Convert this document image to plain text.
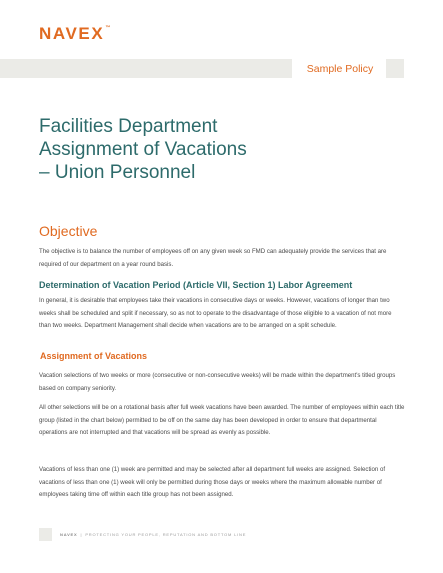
NAVEX ™
Sample Policy
Facilities Department
Assignment of Vacations
– Union Personnel
Objective

The objective is to balance the number of employees off on any given week so FMD can adequately provide the services that are required of our department on a year round basis.

Determination of Vacation Period (Article VII, Section 1) Labor Agreement

In general, it is desirable that employees take their vacations in consecutive days or weeks. However, vacations of longer than two weeks shall be scheduled and split if necessary, so as not to operate to the disadvantage of those eligible to a vacation of not more than two weeks. Department Management shall decide when vacations are to be arranged on a split schedule.

Assignment of Vacations

Vacation selections of two weeks or more (consecutive or non-consecutive weeks) will be made within the department's titled groups based on company seniority.

All other selections will be on a rotational basis after full week vacations have been awarded. The number of employees within each title group (listed in the chart below) permitted to be off on the same day has been developed in order to ensure that departmental operations are not interrupted and that vacations will be spread as evenly as possible.

Vacations of less than one (1) week are permitted and may be selected after all department full weeks are assigned. Selection of vacations of less than one (1) week will only be permitted during those days or weeks where the maximum allowable number of employees taking time off within each title group has not been assigned.

NAVEX | PROTECTING YOUR PEOPLE, REPUTATION AND BOTTOM LINE
